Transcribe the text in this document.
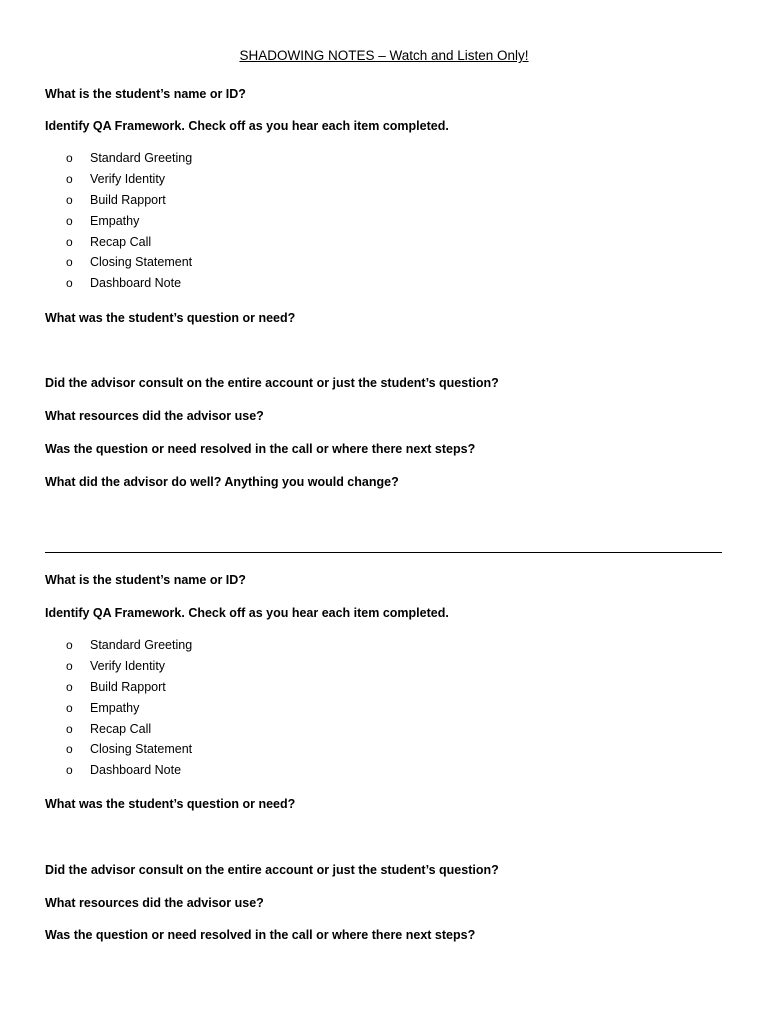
SHADOWING NOTES – Watch and Listen Only!

What is the student’s name or ID?

Identify QA Framework. Check off as you hear each item completed.

o	Standard Greeting
o	Verify Identity
o	Build Rapport
o	Empathy
o	Recap Call
o	Closing Statement
o	Dashboard Note

What was the student’s question or need?

Did the advisor consult on the entire account or just the student’s question?

What resources did the advisor use?

Was the question or need resolved in the call or where there next steps?

What did the advisor do well? Anything you would change?

What is the student’s name or ID?

Identify QA Framework. Check off as you hear each item completed.

o	Standard Greeting
o	Verify Identity
o	Build Rapport
o	Empathy
o	Recap Call
o	Closing Statement
o	Dashboard Note

What was the student’s question or need?

Did the advisor consult on the entire account or just the student’s question?

What resources did the advisor use?

Was the question or need resolved in the call or where there next steps?
